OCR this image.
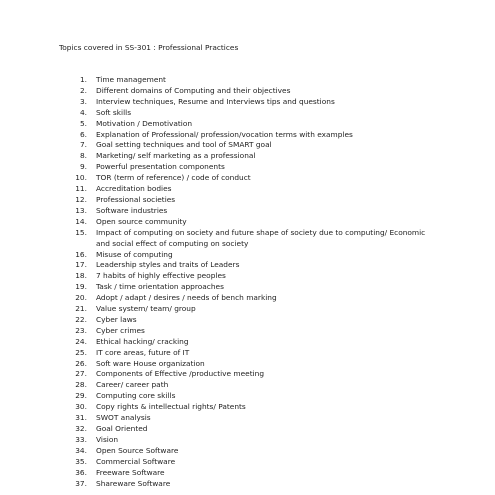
Topics covered in SS-301 : Professional Practices
1.	Time management
2.	Different domains of Computing and their objectives
3.	Interview techniques, Resume and Interviews tips and questions
4.	Soft skills
5.	Motivation / Demotivation
6.	Explanation of Professional/ profession/vocation terms with examples
7.	Goal setting techniques and tool of SMART goal
8.	Marketing/ self marketing as a professional
9.	Powerful presentation components
10.	TOR (term of reference) / code of conduct
11.	Accreditation bodies
12.	Professional societies
13.	Software industries
14.	Open source community
15.	Impact of computing on society and future shape of society due to computing/ Economic and social effect of computing on society
16.	Misuse of computing
17.	Leadership styles and traits of Leaders
18.	7 habits of highly effective peoples
19.	Task / time orientation approaches
20.	Adopt / adapt / desires / needs of bench marking
21.	Value system/ team/ group
22.	Cyber laws
23.	Cyber crimes
24.	Ethical hacking/ cracking
25.	IT core areas, future of IT
26.	Soft ware House organization
27.	Components of Effective /productive meeting
28.	Career/ career path
29.	Computing core skills
30.	Copy rights & intellectual rights/ Patents
31.	SWOT analysis
32.	Goal Oriented
33.	Vision
34.	Open Source Software
35.	Commercial Software
36.	Freeware Software
37.	Shareware Software
